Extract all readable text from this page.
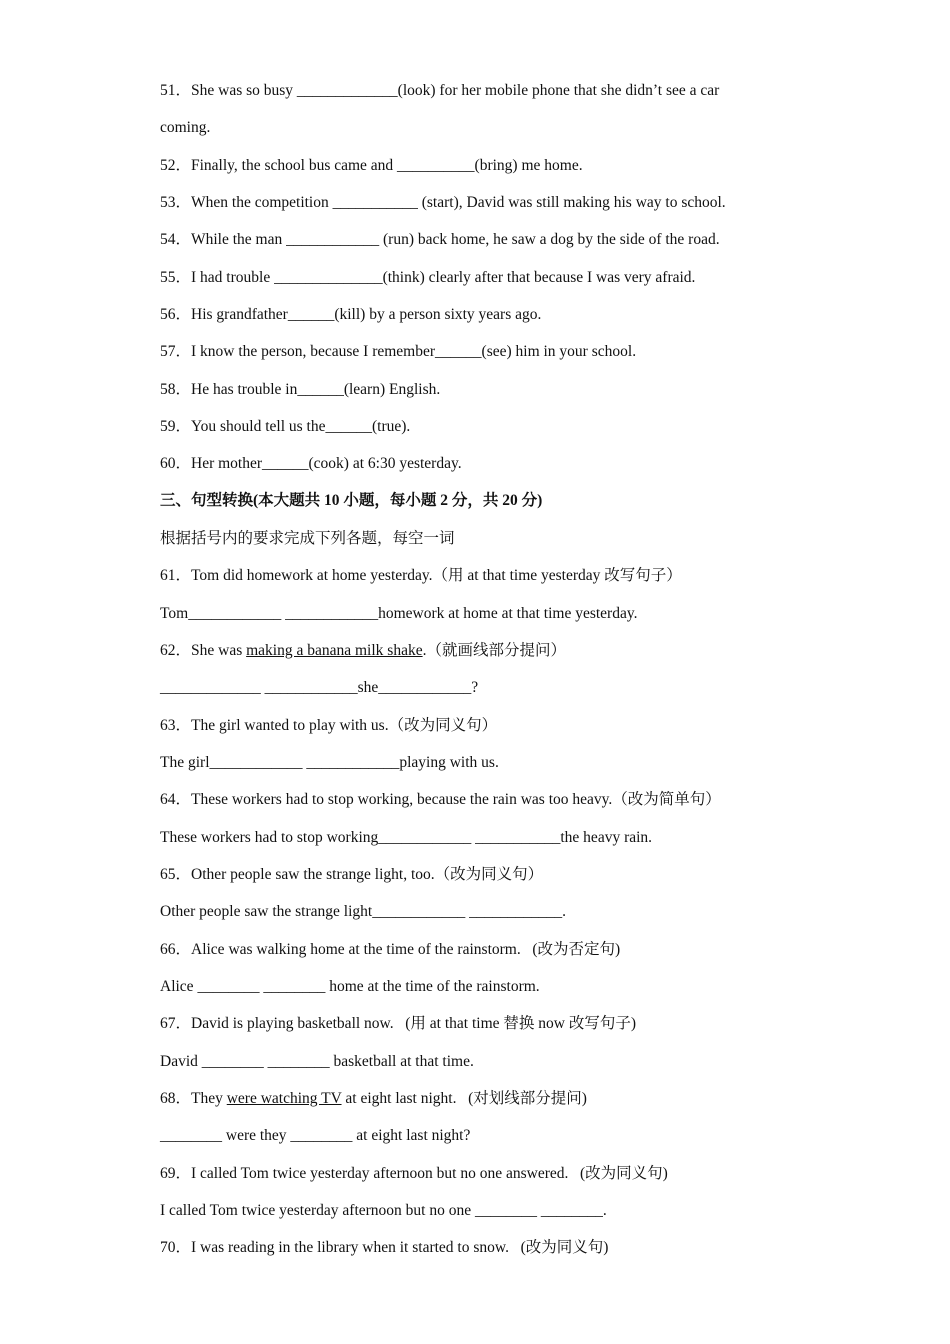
51．She was so busy _____________(look) for her mobile phone that she didn’t see a car
coming.
52．Finally, the school bus came and __________(bring) me home.
53．When the competition ___________ (start), David was still making his way to school.
54．While the man ____________ (run) back home, he saw a dog by the side of the road.
55．I had trouble ______________(think) clearly after that because I was very afraid.
56．His grandfather______(kill) by a person sixty years ago.
57．I know the person, because I remember______(see) him in your school.
58．He has trouble in______(learn) English.
59．You should tell us the______(true).
60．Her mother______(cook) at 6:30 yesterday.
三、句型转换(本大题共 10 小题，每小题 2 分，共 20 分)
根据括号内的要求完成下列各题，每空一词
61．Tom did homework at home yesterday.（用 at that time yesterday 改写句子）
Tom____________ ____________homework at home at that time yesterday.
62．She was making a banana milk shake.（就画线部分提问）
_____________ ____________she____________?
63．The girl wanted to play with us.（改为同义句）
The girl____________ ____________playing with us.
64．These workers had to stop working, because the rain was too heavy.（改为简单句）
These workers had to stop working____________ ___________the heavy rain.
65．Other people saw the strange light, too.（改为同义句）
Other people saw the strange light____________ ____________.
66．Alice was walking home at the time of the rainstorm.   (改为否定句)
Alice ________ ________ home at the time of the rainstorm.
67．David is playing basketball now.   (用 at that time 替换 now 改写句子)
David ________ ________ basketball at that time.
68．They were watching TV at eight last night.   (对划线部分提问)
________ were they ________ at eight last night?
69．I called Tom twice yesterday afternoon but no one answered.   (改为同义句)
I called Tom twice yesterday afternoon but no one ________ ________.
70．I was reading in the library when it started to snow.   (改为同义句)
